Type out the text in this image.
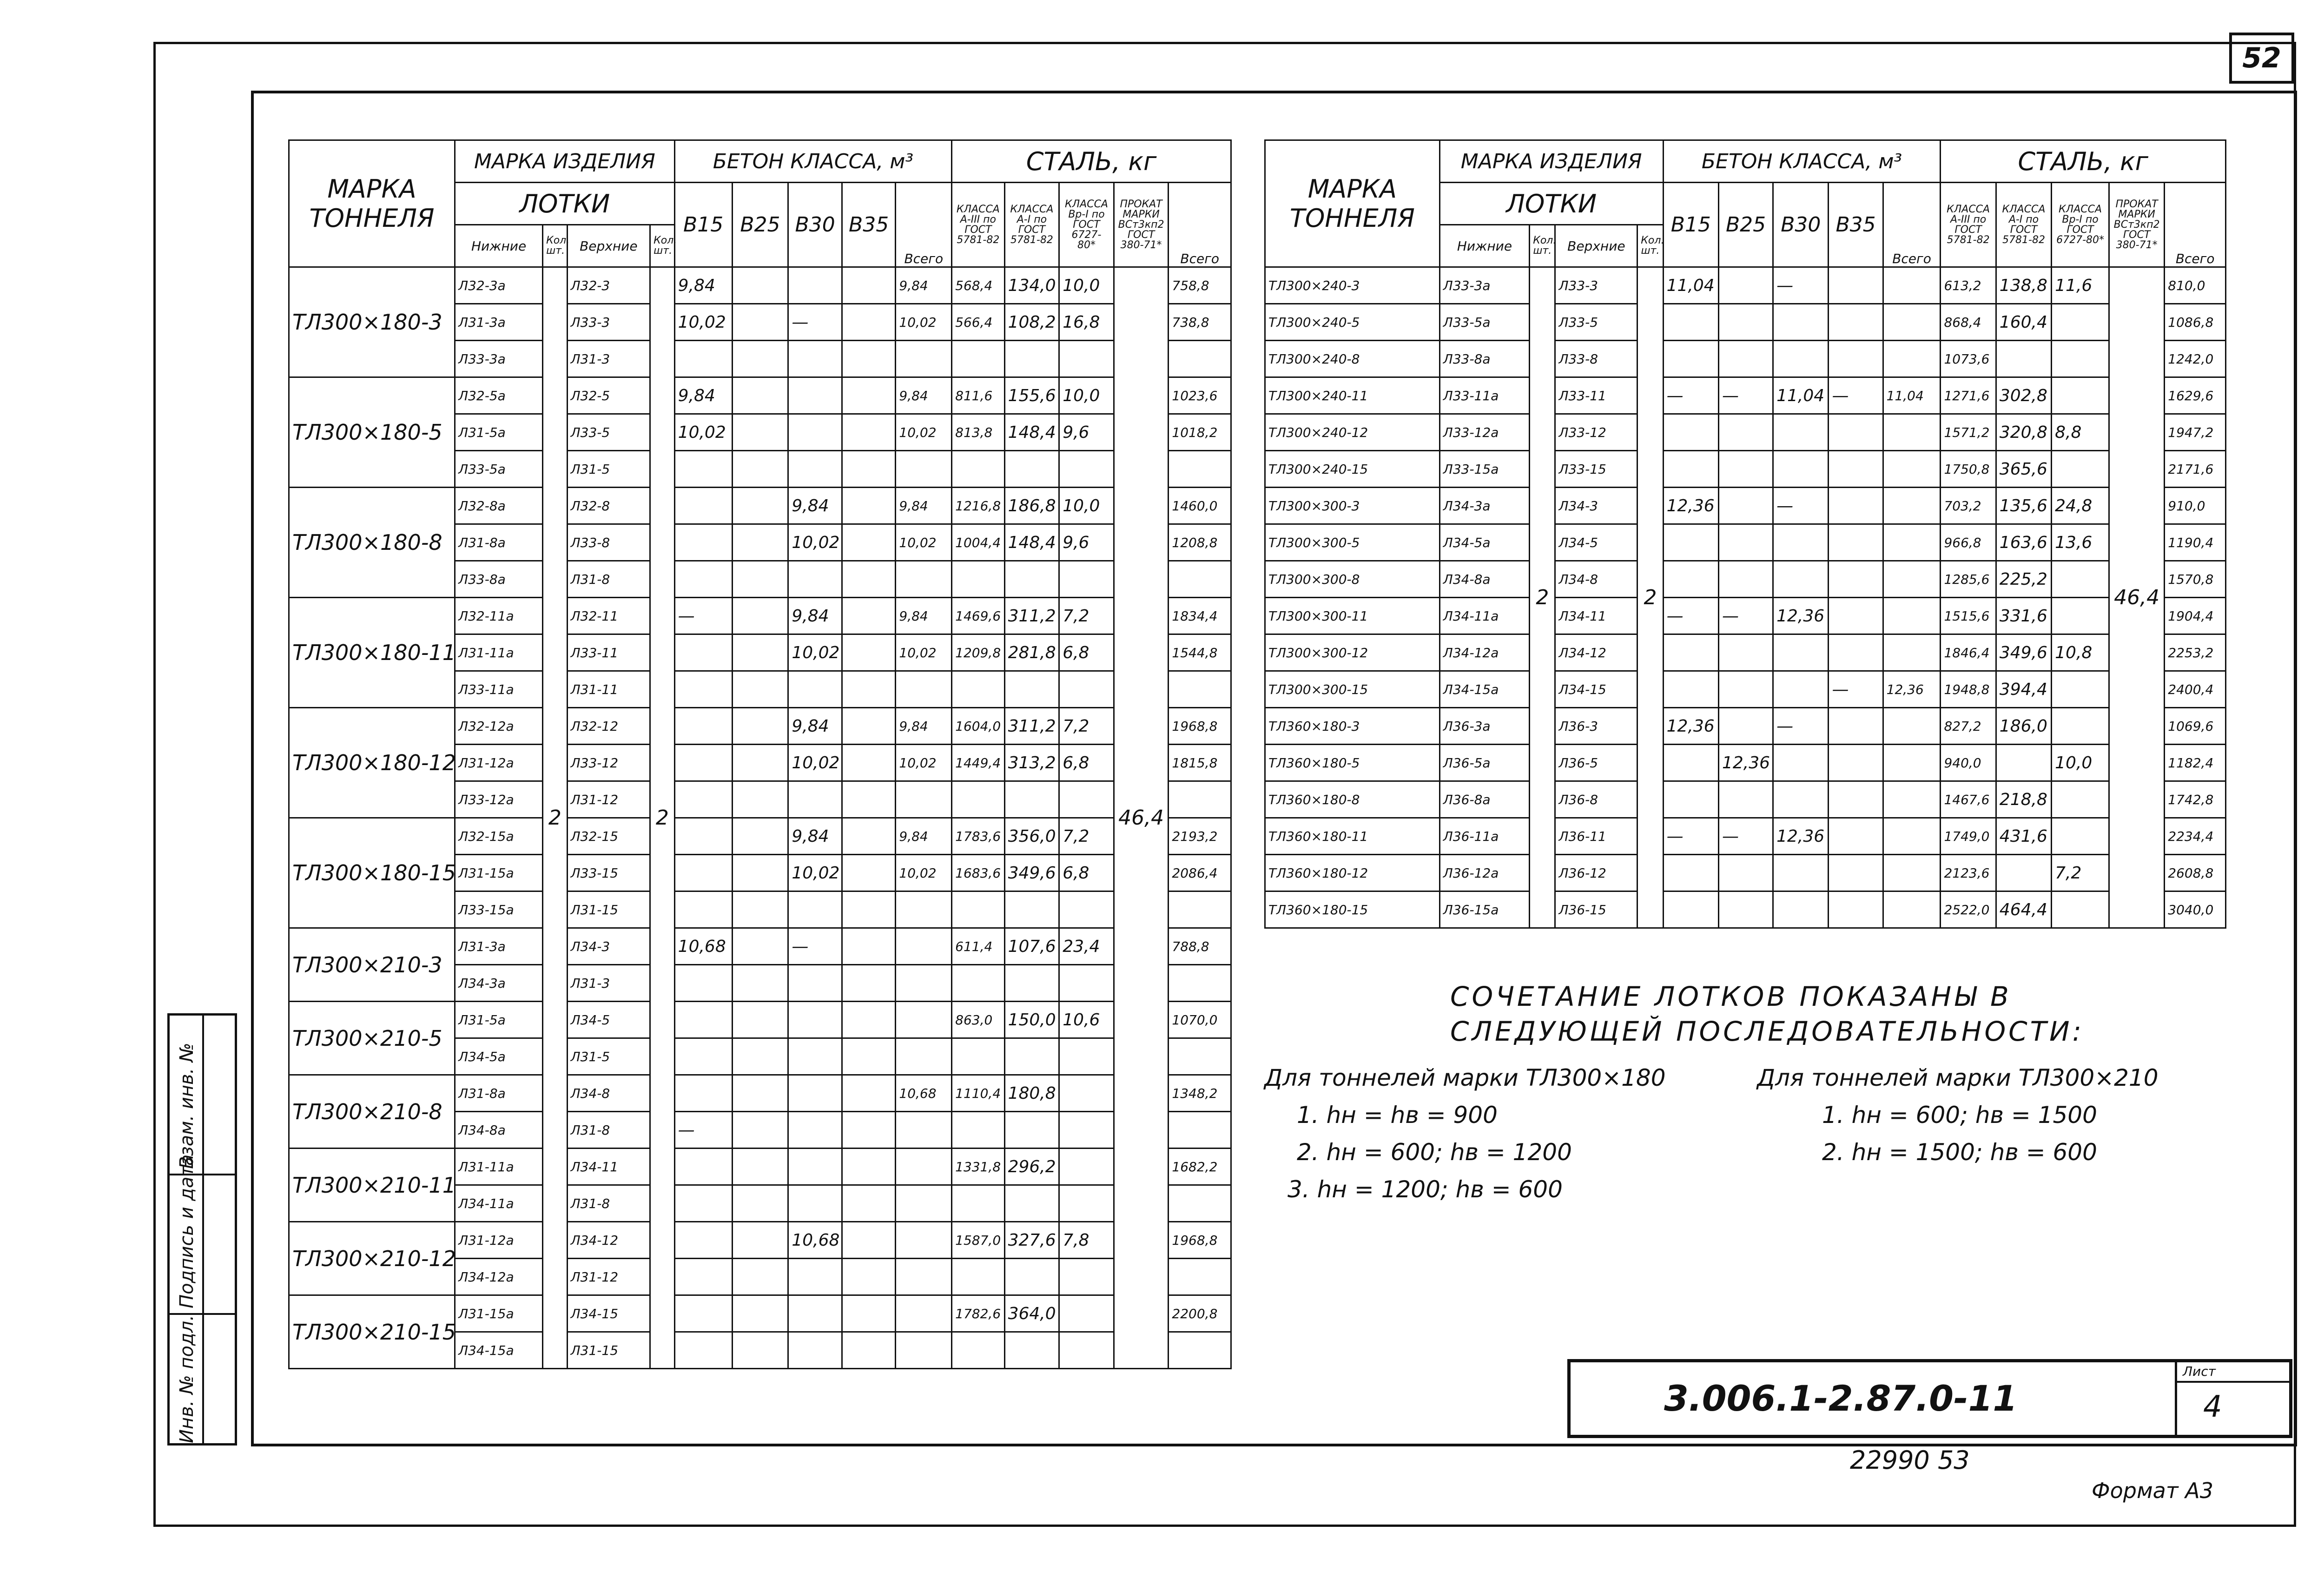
52
Взам. инв. №
Подпись и дата
Инв. № подл.
МАРКА ТОННЕЛЯ	МАРКА ИЗДЕЛИЯ				БЕТОН КЛАССА, м³					СТАЛЬ, кг				
	ЛОТКИ				B15	B25	B30	B35	Всего	КЛАССА A-III по ГОСТ 5781-82	КЛАССА A-I по ГОСТ 5781-82	КЛАССА Bр-I по ГОСТ 6727-80*	ПРОКАТ МАРКИ ВСт3кп2 ГОСТ 380-71*	Всего
	Нижние	Кол. шт.	Верхние	Кол. шт.										
ТЛ300×180-3	Л32-3а	2	Л32-3	2	9,84				9,84	568,4	134,0	10,0	46,4	758,8
	Л31-3а		Л33-3		10,02		—		10,02	566,4	108,2	16,8		738,8
	Л33-3а		Л31-3											
ТЛ300×180-5	Л32-5а		Л32-5		9,84				9,84	811,6	155,6	10,0		1023,6
	Л31-5а		Л33-5		10,02				10,02	813,8	148,4	9,6		1018,2
	Л33-5а		Л31-5											
ТЛ300×180-8	Л32-8а		Л32-8				9,84		9,84	1216,8	186,8	10,0		1460,0
	Л31-8а		Л33-8				10,02		10,02	1004,4	148,4	9,6		1208,8
	Л33-8а		Л31-8											
ТЛ300×180-11	Л32-11а		Л32-11		—		9,84		9,84	1469,6	311,2	7,2		1834,4
	Л31-11а		Л33-11				10,02		10,02	1209,8	281,8	6,8		1544,8
	Л33-11а		Л31-11											
ТЛ300×180-12	Л32-12а		Л32-12				9,84		9,84	1604,0	311,2	7,2		1968,8
	Л31-12а		Л33-12				10,02		10,02	1449,4	313,2	6,8		1815,8
	Л33-12а		Л31-12											
ТЛ300×180-15	Л32-15а		Л32-15				9,84		9,84	1783,6	356,0	7,2		2193,2
	Л31-15а		Л33-15				10,02		10,02	1683,6	349,6	6,8		2086,4
	Л33-15а		Л31-15											
ТЛ300×210-3	Л31-3а		Л34-3		10,68		—			611,4	107,6	23,4		788,8
	Л34-3а		Л31-3											
ТЛ300×210-5	Л31-5а		Л34-5							863,0	150,0	10,6		1070,0
	Л34-5а		Л31-5											
ТЛ300×210-8	Л31-8а		Л34-8						10,68	1110,4	180,8			1348,2
	Л34-8а		Л31-8		—									
ТЛ300×210-11	Л31-11а		Л34-11							1331,8	296,2			1682,2
	Л34-11а		Л31-8											
ТЛ300×210-12	Л31-12а		Л34-12				10,68			1587,0	327,6	7,8		1968,8
	Л34-12а		Л31-12											
ТЛ300×210-15	Л31-15а		Л34-15							1782,6	364,0			2200,8
	Л34-15а		Л31-15											
МАРКА ТОННЕЛЯ	МАРКА ИЗДЕЛИЯ				БЕТОН КЛАССА, м³					СТАЛЬ, кг				
	ЛОТКИ				B15	B25	B30	B35	Всего	КЛАССА A-III по ГОСТ 5781-82	КЛАССА A-I по ГОСТ 5781-82	КЛАССА Bр-I по ГОСТ 6727-80*	ПРОКАТ МАРКИ ВСт3кп2 ГОСТ 380-71*	Всего
	Нижние	Кол. шт.	Верхние	Кол. шт.										
ТЛ300×240-3	Л33-3а	2	Л33-3	2	11,04		—			613,2	138,8	11,6	46,4	810,0
ТЛ300×240-5	Л33-5а		Л33-5							868,4	160,4			1086,8
ТЛ300×240-8	Л33-8а		Л33-8							1073,6				1242,0
ТЛ300×240-11	Л33-11а		Л33-11		—	—	11,04	—	11,04	1271,6	302,8			1629,6
ТЛ300×240-12	Л33-12а		Л33-12							1571,2	320,8	8,8		1947,2
ТЛ300×240-15	Л33-15а		Л33-15							1750,8	365,6			2171,6
ТЛ300×300-3	Л34-3а		Л34-3		12,36		—			703,2	135,6	24,8		910,0
ТЛ300×300-5	Л34-5а		Л34-5							966,8	163,6	13,6		1190,4
ТЛ300×300-8	Л34-8а		Л34-8							1285,6	225,2			1570,8
ТЛ300×300-11	Л34-11а		Л34-11		—	—	12,36			1515,6	331,6			1904,4
ТЛ300×300-12	Л34-12а		Л34-12							1846,4	349,6	10,8		2253,2
ТЛ300×300-15	Л34-15а		Л34-15					—	12,36	1948,8	394,4			2400,4
ТЛ360×180-3	Л36-3а		Л36-3		12,36		—			827,2	186,0			1069,6
ТЛ360×180-5	Л36-5а		Л36-5			12,36				940,0		10,0		1182,4
ТЛ360×180-8	Л36-8а		Л36-8							1467,6	218,8			1742,8
ТЛ360×180-11	Л36-11а		Л36-11		—	—	12,36			1749,0	431,6			2234,4
ТЛ360×180-12	Л36-12а		Л36-12							2123,6		7,2		2608,8
ТЛ360×180-15	Л36-15а		Л36-15							2522,0	464,4			3040,0
СОЧЕТАНИЕ ЛОТКОВ ПОКАЗАНЫ В
СЛЕДУЮЩЕЙ ПОСЛЕДОВАТЕЛЬНОСТИ:
Для тоннелей марки ТЛ300×180
1. hн = hв = 900
2. hн = 600; hв = 1200
3. hн = 1200; hв = 600
Для тоннелей марки ТЛ300×210
1. hн = 600; hв = 1500
2. hн = 1500; hв = 600
3.006.1-2.87.0-11
Лист
4
22990 53
Формат А3
